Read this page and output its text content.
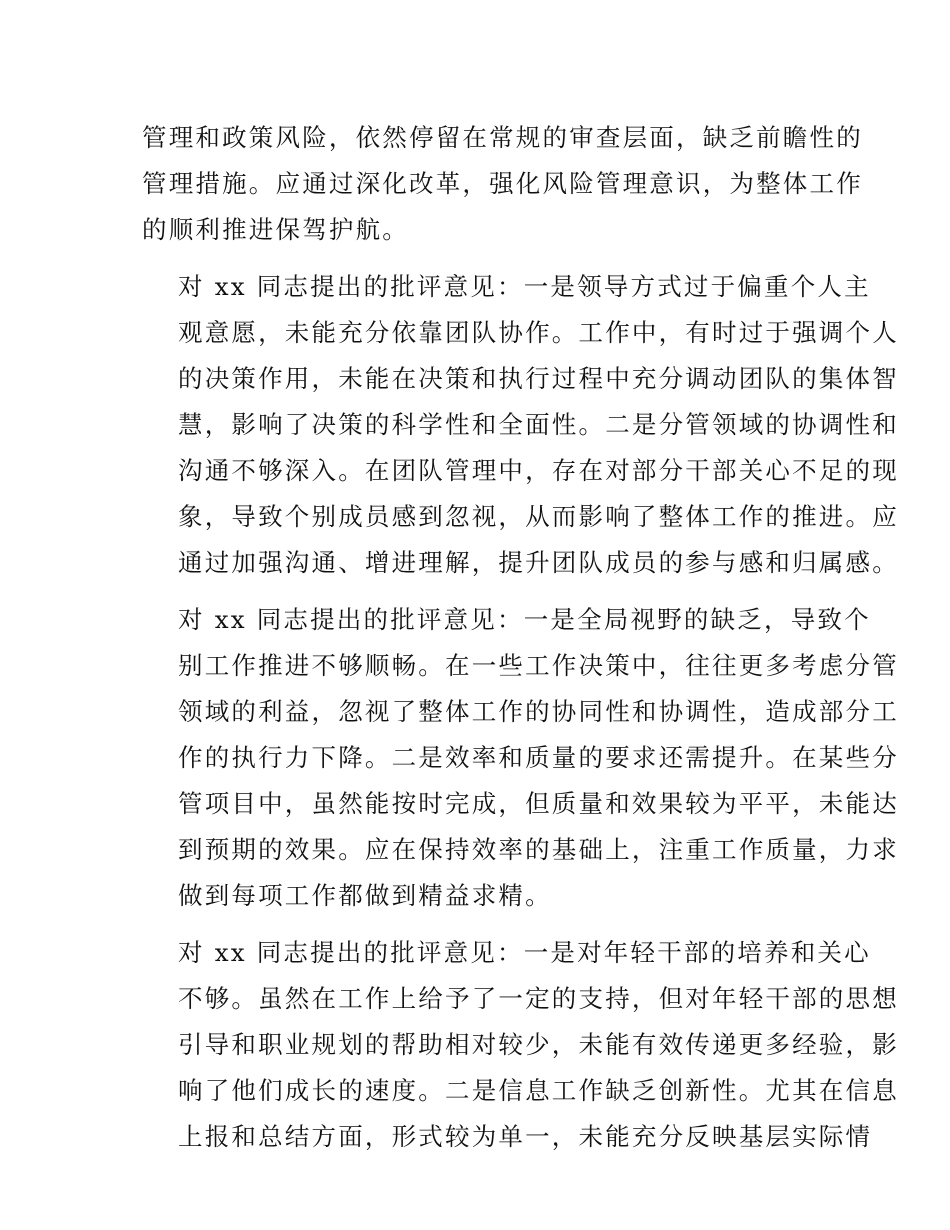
管理和政策风险，依然停留在常规的审查层面，缺乏前瞻性的
管理措施。应通过深化改革，强化风险管理意识，为整体工作
的顺利推进保驾护航。
对 xx 同志提出的批评意见：一是领导方式过于偏重个人主
观意愿，未能充分依靠团队协作。工作中，有时过于强调个人
的决策作用，未能在决策和执行过程中充分调动团队的集体智
慧，影响了决策的科学性和全面性。二是分管领域的协调性和
沟通不够深入。在团队管理中，存在对部分干部关心不足的现
象，导致个别成员感到忽视，从而影响了整体工作的推进。应
通过加强沟通、增进理解，提升团队成员的参与感和归属感。
对 xx 同志提出的批评意见：一是全局视野的缺乏，导致个
别工作推进不够顺畅。在一些工作决策中，往往更多考虑分管
领域的利益，忽视了整体工作的协同性和协调性，造成部分工
作的执行力下降。二是效率和质量的要求还需提升。在某些分
管项目中，虽然能按时完成，但质量和效果较为平平，未能达
到预期的效果。应在保持效率的基础上，注重工作质量，力求
做到每项工作都做到精益求精。
对 xx 同志提出的批评意见：一是对年轻干部的培养和关心
不够。虽然在工作上给予了一定的支持，但对年轻干部的思想
引导和职业规划的帮助相对较少，未能有效传递更多经验，影
响了他们成长的速度。二是信息工作缺乏创新性。尤其在信息
上报和总结方面，形式较为单一，未能充分反映基层实际情
